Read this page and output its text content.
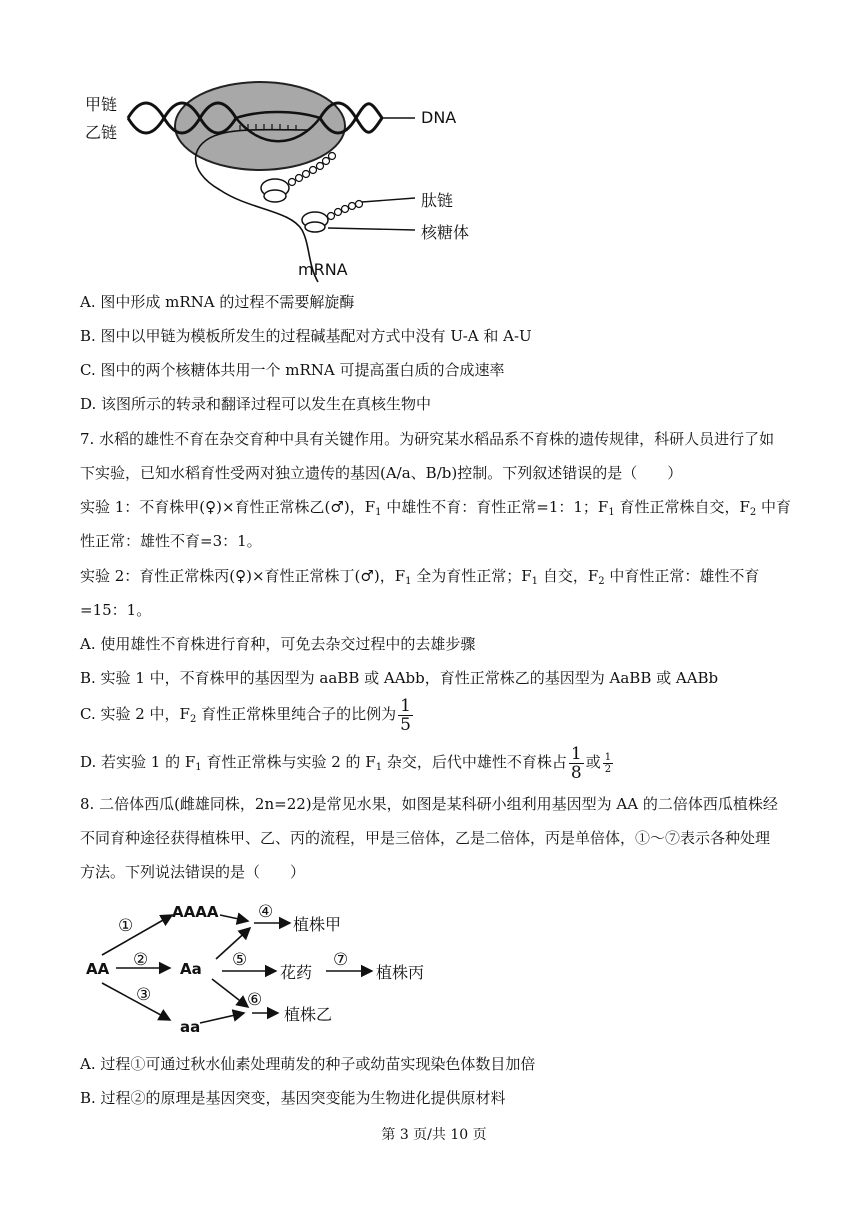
甲链
乙链
DNA
肽链
核糖体
mRNA
A. 图中形成 mRNA 的过程不需要解旋酶
B. 图中以甲链为模板所发生的过程碱基配对方式中没有 U-A 和 A-U
C. 图中的两个核糖体共用一个 mRNA 可提高蛋白质的合成速率
D. 该图所示的转录和翻译过程可以发生在真核生物中
7. 水稻的雄性不育在杂交育种中具有关键作用。为研究某水稻品系不育株的遗传规律，科研人员进行了如
下实验，已知水稻育性受两对独立遗传的基因(A/a、B/b)控制。下列叙述错误的是（　　）
实验 1：不育株甲(♀)×育性正常株乙(♂)，$F_1$ 中雄性不育：育性正常=1：1；$F_1$ 育性正常株自交，$F_2$ 中育
性正常：雄性不育=3：1。
实验 2：育性正常株丙(♀)×育性正常株丁(♂)，$F_1$ 全为育性正常；$F_1$ 自交，$F_2$ 中育性正常：雄性不育
=15：1。
A. 使用雄性不育株进行育种，可免去杂交过程中的去雄步骤
B. 实验 1 中，不育株甲的基因型为 aaBB 或 AAbb，育性正常株乙的基因型为 AaBB 或 AABb
C. 实验 2 中，$F_2$ 育性正常株里纯合子的比例为 $\frac{1}{5}$
D. 若实验 1 的 $F_1$ 育性正常株与实验 2 的 $F_1$ 杂交，后代中雄性不育株占 $\frac{1}{8}$ 或 $\frac{1}{2}$
8. 二倍体西瓜(雌雄同株，2n=22)是常见水果，如图是某科研小组利用基因型为 AA 的二倍体西瓜植株经
不同育种途径获得植株甲、乙、丙的流程，甲是三倍体，乙是二倍体，丙是单倍体，①～⑦表示各种处理
方法。下列说法错误的是（　　）
AA
AAAA
Aa
aa
①
②
③
④
⑤
⑥
⑦
植株甲
花药	植株丙
植株乙
A. 过程①可通过秋水仙素处理萌发的种子或幼苗实现染色体数目加倍
B. 过程②的原理是基因突变，基因突变能为生物进化提供原材料
第 3 页/共 10 页
